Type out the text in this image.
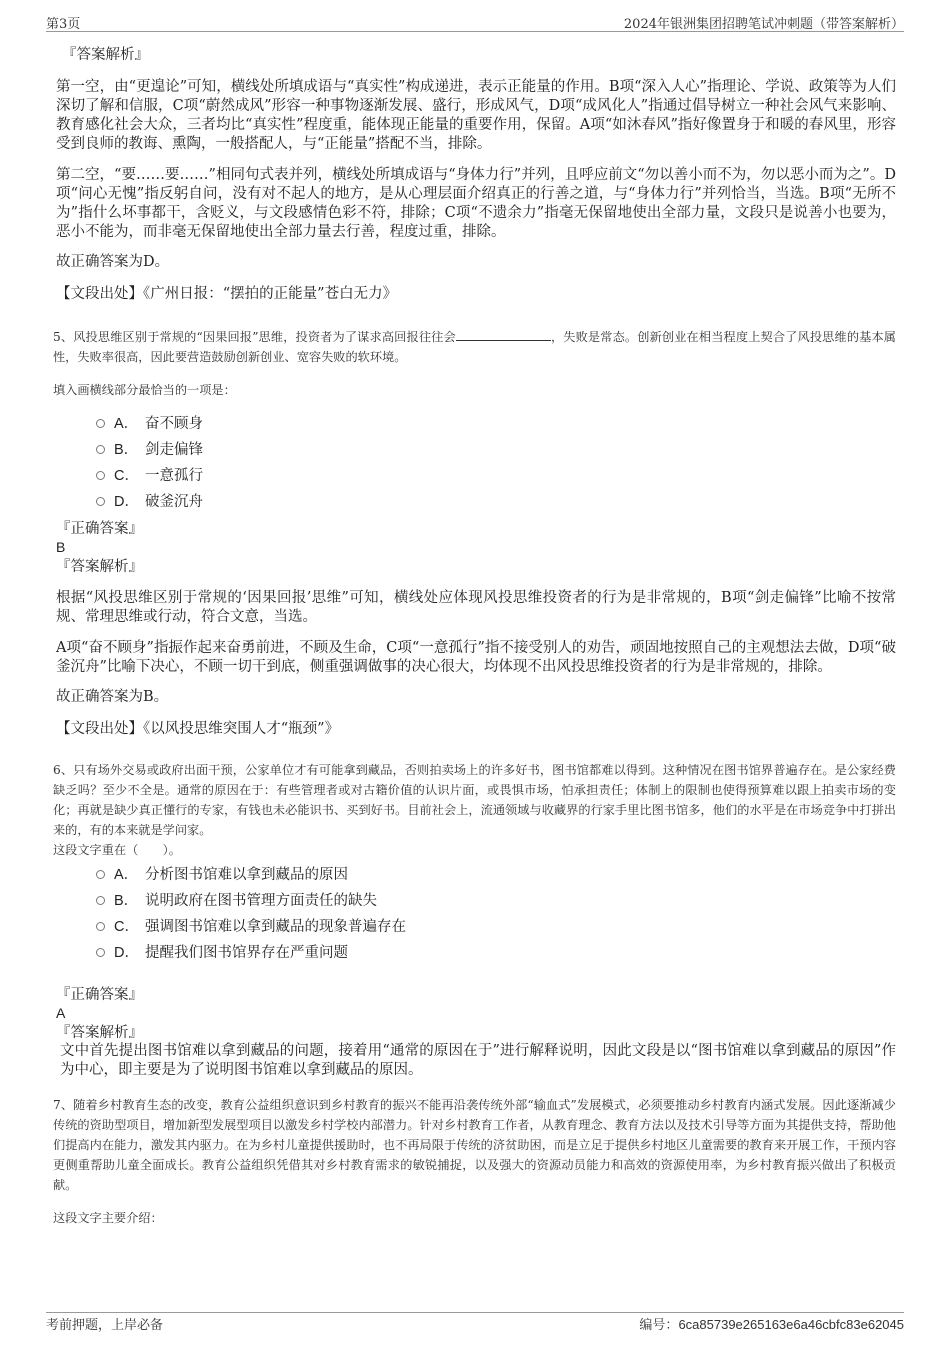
第3页	2024年银洲集团招聘笔试冲刺题（带答案解析）

『答案解析』

第一空，由“更遑论”可知，横线处所填成语与“真实性”构成递进，表示正能量的作用。B项“深入人心”指理论、学说、政策等为人们深切了解和信服，C项“蔚然成风”形容一种事物逐渐发展、盛行，形成风气，D项“成风化人”指通过倡导树立一种社会风气来影响、教育感化社会大众，三者均比“真实性”程度重，能体现正能量的重要作用，保留。A项“如沐春风”指好像置身于和暖的春风里，形容受到良师的教诲、熏陶，一般搭配人，与“正能量”搭配不当，排除。

第二空，“要……要……”相同句式表并列，横线处所填成语与“身体力行”并列，且呼应前文“勿以善小而不为，勿以恶小而为之”。D项“问心无愧”指反躬自问，没有对不起人的地方，是从心理层面介绍真正的行善之道，与“身体力行”并列恰当，当选。B项“无所不为”指什么坏事都干，含贬义，与文段感情色彩不符，排除；C项“不遗余力”指毫无保留地使出全部力量，文段只是说善小也要为，恶小不能为，而非毫无保留地使出全部力量去行善，程度过重，排除。

故正确答案为D。

【文段出处】《广州日报：“摆拍的正能量”苍白无力》

5、风投思维区别于常规的“因果回报”思维，投资者为了谋求高回报往往会	，失败是常态。创新创业在相当程度上契合了风投思维的基本属性，失败率很高，因此要营造鼓励创新创业、宽容失败的软环境。

填入画横线部分最恰当的一项是：

A． 奋不顾身
B． 剑走偏锋
C． 一意孤行
D． 破釜沉舟

『正确答案』

B

『答案解析』

根据“风投思维区别于常规的‘因果回报’思维”可知，横线处应体现风投思维投资者的行为是非常规的，B项“剑走偏锋”比喻不按常规、常理思维或行动，符合文意，当选。

A项“奋不顾身”指振作起来奋勇前进，不顾及生命，C项“一意孤行”指不接受别人的劝告，顽固地按照自己的主观想法去做，D项“破釜沉舟”比喻下决心，不顾一切干到底，侧重强调做事的决心很大，均体现不出风投思维投资者的行为是非常规的，排除。

故正确答案为B。

【文段出处】《以风投思维突围人才“瓶颈”》

6、只有场外交易或政府出面干预，公家单位才有可能拿到藏品，否则拍卖场上的许多好书，图书馆都难以得到。这种情况在图书馆界普遍存在。是公家经费缺乏吗？至少不全是。通常的原因在于：有些管理者或对古籍价值的认识片面，或畏惧市场，怕承担责任；体制上的限制也使得预算难以跟上拍卖市场的变化；再就是缺少真正懂行的专家，有钱也未必能识书、买到好书。目前社会上，流通领域与收藏界的行家手里比图书馆多，他们的水平是在市场竞争中打拼出来的，有的本来就是学问家。

这段文字重在（　　）。

A． 分析图书馆难以拿到藏品的原因
B． 说明政府在图书管理方面责任的缺失
C． 强调图书馆难以拿到藏品的现象普遍存在
D． 提醒我们图书馆界存在严重问题

『正确答案』

A

『答案解析』

文中首先提出图书馆难以拿到藏品的问题，接着用“通常的原因在于”进行解释说明，因此文段是以“图书馆难以拿到藏品的原因”作为中心，即主要是为了说明图书馆难以拿到藏品的原因。

7、随着乡村教育生态的改变，教育公益组织意识到乡村教育的振兴不能再沿袭传统外部“输血式”发展模式，必须要推动乡村教育内涵式发展。因此逐渐减少传统的资助型项目，增加新型发展型项目以激发乡村学校内部潜力。针对乡村教育工作者，从教育理念、教育方法以及技术引导等方面为其提供支持，帮助他们提高内在能力，激发其内驱力。在为乡村儿童提供援助时，也不再局限于传统的济贫助困，而是立足于提供乡村地区儿童需要的教育来开展工作，干预内容更侧重帮助儿童全面成长。教育公益组织凭借其对乡村教育需求的敏锐捕捉，以及强大的资源动员能力和高效的资源使用率，为乡村教育振兴做出了积极贡献。

这段文字主要介绍：

考前押题，上岸必备	编号：6ca85739e265163e6a46cbfc83e62045
